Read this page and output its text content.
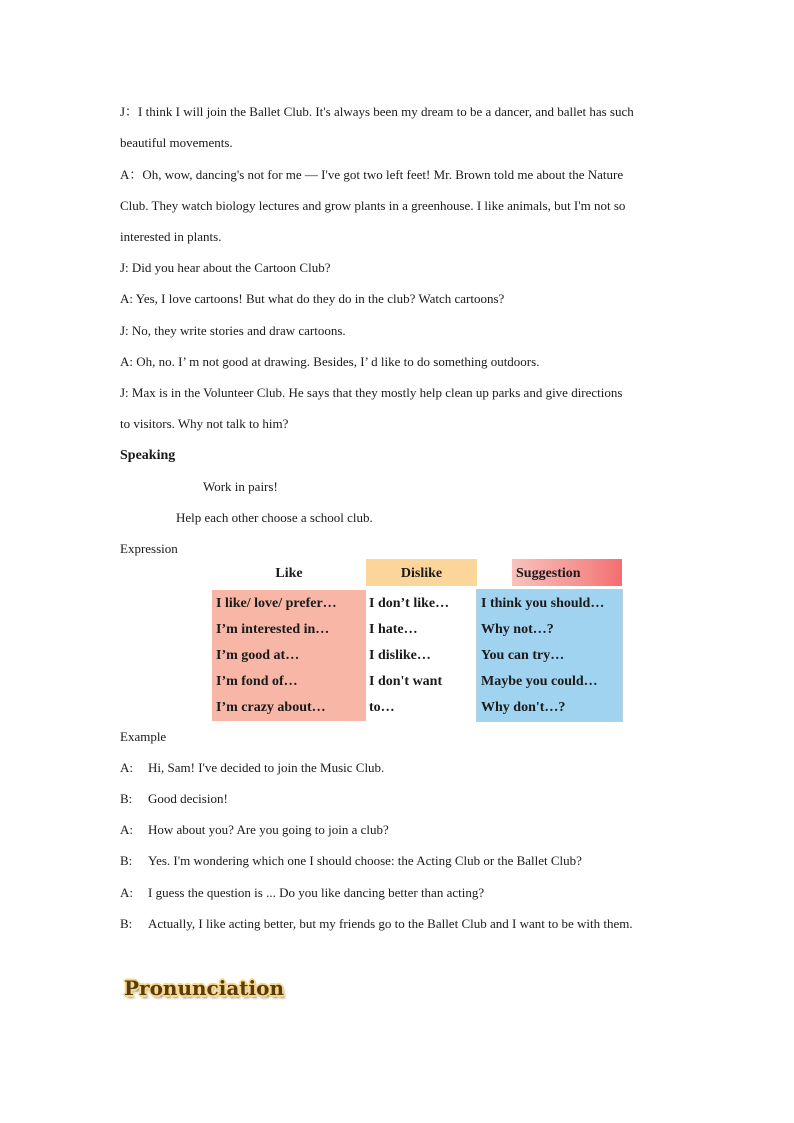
J：I think I will join the Ballet Club. It's always been my dream to be a dancer, and ballet has such
beautiful movements.
A：Oh, wow, dancing's not for me — I've got two left feet! Mr. Brown told me about the Nature
Club. They watch biology lectures and grow plants in a greenhouse. I like animals, but I'm not so
interested in plants.
J: Did you hear about the Cartoon Club?
A: Yes, I love cartoons! But what do they do in the club? Watch cartoons?
J: No, they write stories and draw cartoons.
A: Oh, no. I’ m not good at drawing. Besides, I’ d like to do something outdoors.
J: Max is in the Volunteer Club. He says that they mostly help clean up parks and give directions
to visitors. Why not talk to him?
Speaking
Work in pairs!
Help each other choose a school club.
Expression
Like	Dislike	Suggestion
I like/ love/ prefer…
I’m interested in…
I’m good at…
I’m fond of…
I’m crazy about…
I don’t like…
I hate…
I dislike…
I don't want
to…
I think you should…
Why not…?
You can try…
Maybe you could…
Why don't…?
Example
A: Hi, Sam! I've decided to join the Music Club.
B: Good decision!
A: How about you? Are you going to join a club?
B: Yes. I'm wondering which one I should choose: the Acting Club or the Ballet Club?
A: I guess the question is ... Do you like dancing better than acting?
B: Actually, I like acting better, but my friends go to the Ballet Club and I want to be with them.
Pronunciation
